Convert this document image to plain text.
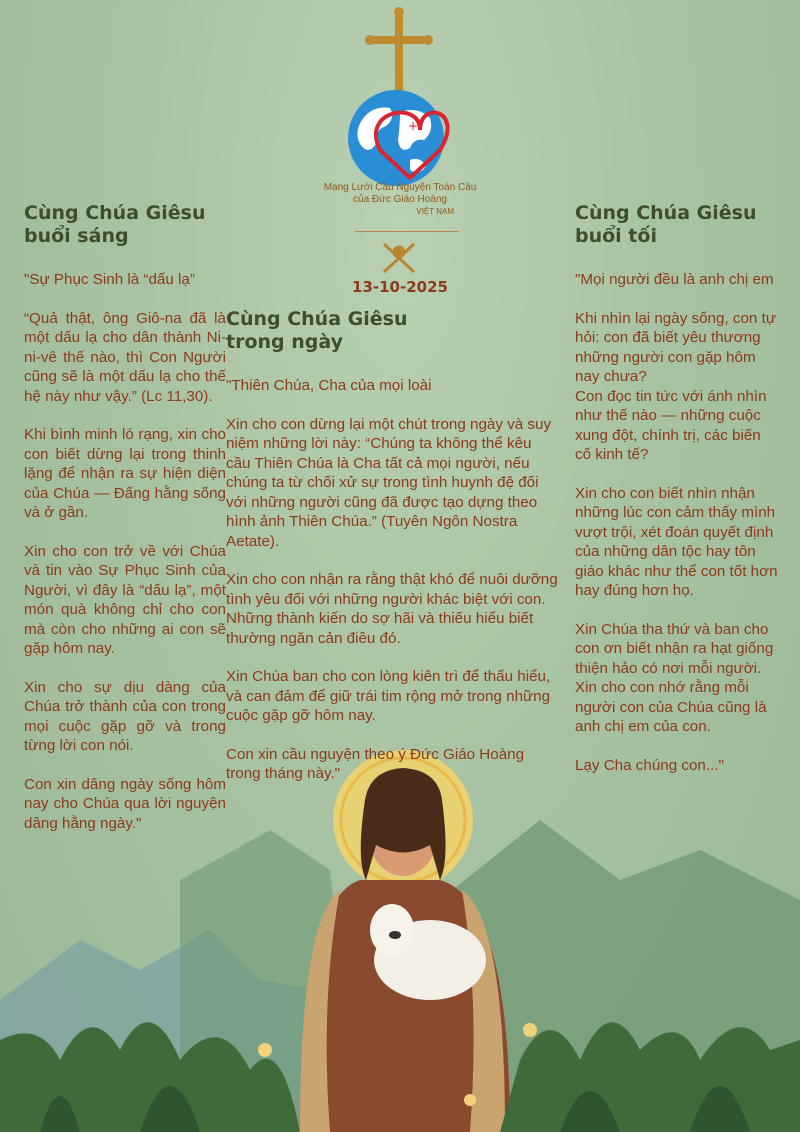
+
Mạng Lưới Cầu Nguyện Toàn Cầu
của Đức Giáo Hoàng
VIỆT NAM
13-10-2025
Cùng Chúa Giêsu
buổi sáng

"Sự Phục Sinh là “dấu lạ”

“Quả thật, ông Giô-na đã là một dấu lạ cho dân thành Ni-ni-vê thế nào, thì Con Người cũng sẽ là một dấu lạ cho thế hệ này như vậy.” (Lc 11,30).

Khi bình minh ló rạng, xin cho con biết dừng lại trong thinh lặng để nhận ra sự hiện diện của Chúa — Đấng hằng sống và ở gần.

Xin cho con trở về với Chúa và tin vào Sự Phục Sinh của Người, vì đây là “dấu lạ”, một món quà không chỉ cho con mà còn cho những ai con sẽ gặp hôm nay.

Xin cho sự dịu dàng của Chúa trở thành của con trong mọi cuộc gặp gỡ và trong từng lời con nói.

Con xin dâng ngày sống hôm nay cho Chúa qua lời nguyện dâng hằng ngày."

Cùng Chúa Giêsu
trong ngày

"Thiên Chúa, Cha của mọi loài

Xin cho con dừng lại một chút trong ngày và suy niệm những lời này: “Chúng ta không thể kêu cầu Thiên Chúa là Cha tất cả mọi người, nếu chúng ta từ chối xử sự trong tình huynh đệ đối với những người cũng đã được tạo dựng theo hình ảnh Thiên Chúa.” (Tuyên Ngôn Nostra Aetate).

Xin cho con nhận ra rằng thật khó để nuôi dưỡng tình yêu đối với những người khác biệt với con. Những thành kiến do sợ hãi và thiếu hiểu biết thường ngăn cản điều đó.

Xin Chúa ban cho con lòng kiên trì để thấu hiểu, và can đảm để giữ trái tim rộng mở trong những cuộc gặp gỡ hôm nay.

Con xin cầu nguyện theo ý Đức Giáo Hoàng trong tháng này."

Cùng Chúa Giêsu
buổi tối

"Mọi người đều là anh chị em

Khi nhìn lại ngày sống, con tự hỏi: con đã biết yêu thương những người con gặp hôm nay chưa?
Con đọc tin tức với ánh nhìn như thế nào — những cuộc xung đột, chính trị, các biến cố kinh tế?

Xin cho con biết nhìn nhận những lúc con cảm thấy mình vượt trội, xét đoán quyết định của những dân tộc hay tôn giáo khác như thể con tốt hơn hay đúng hơn họ.

Xin Chúa tha thứ và ban cho con ơn biết nhận ra hạt giống thiện hảo có nơi mỗi người. Xin cho con nhớ rằng mỗi người con của Chúa cũng là anh chị em của con.

Lạy Cha chúng con..."
